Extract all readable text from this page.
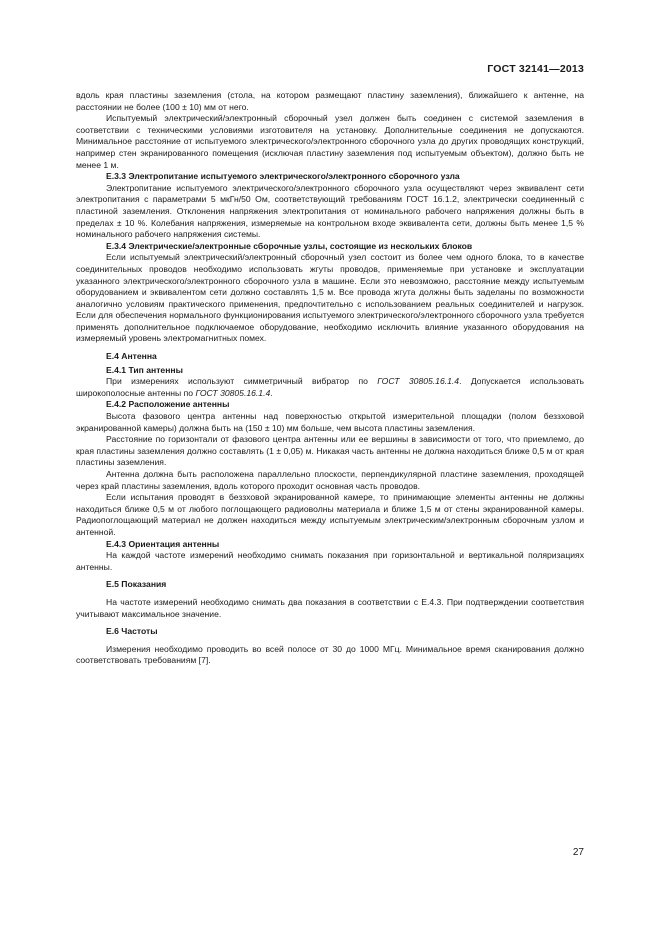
ГОСТ 32141—2013

вдоль края пластины заземления (стола, на котором размещают пластину заземления), ближайшего к антенне, на расстоянии не более (100 ± 10) мм от него.

Испытуемый электрический/электронный сборочный узел должен быть соединен с системой заземления в соответствии с техническими условиями изготовителя на установку. Дополнительные соединения не допускаются. Минимальное расстояние от испытуемого электрического/электронного сборочного узла до других проводящих конструкций, например стен экранированного помещения (исключая пластину заземления под испытуемым объектом), должно быть не менее 1 м.

Е.3.3 Электропитание испытуемого электрического/электронного сборочного узла

Электропитание испытуемого электрического/электронного сборочного узла осуществляют через эквивалент сети электропитания с параметрами 5 мкГн/50 Ом, соответствующий требованиям ГОСТ 16.1.2, электрически соединенный с пластиной заземления. Отклонения напряжения электропитания от номинального рабочего напряжения должны быть в пределах ± 10 %. Колебания напряжения, измеряемые на контрольном входе эквивалента сети, должны быть менее 1,5 % номинального рабочего напряжения системы.

Е.3.4 Электрические/электронные сборочные узлы, состоящие из нескольких блоков

Если испытуемый электрический/электронный сборочный узел состоит из более чем одного блока, то в качестве соединительных проводов необходимо использовать жгуты проводов, применяемые при установке и эксплуатации указанного электрического/электронного сборочного узла в машине. Если это невозможно, расстояние между испытуемым оборудованием и эквивалентом сети должно составлять 1,5 м. Все провода жгута должны быть заделаны по возможности аналогично условиям практического применения, предпочтительно с использованием реальных соединителей и нагрузок. Если для обеспечения нормального функционирования испытуемого электрического/электронного сборочного узла требуется применять дополнительное подключаемое оборудование, необходимо исключить влияние указанного оборудования на измеряемый уровень электромагнитных помех.

Е.4 Антенна
Е.4.1 Тип антенны

При измерениях используют симметричный вибратор по ГОСТ 30805.16.1.4. Допускается использовать широкополосные антенны по ГОСТ 30805.16.1.4.

Е.4.2 Расположение антенны

Высота фазового центра антенны над поверхностью открытой измерительной площадки (полом беззховой экранированной камеры) должна быть на (150 ± 10) мм больше, чем высота пластины заземления.

Расстояние по горизонтали от фазового центра антенны или ее вершины в зависимости от того, что приемлемо, до края пластины заземления должно составлять (1 ± 0,05) м. Никакая часть антенны не должна находиться ближе 0,5 м от края пластины заземления.

Антенна должна быть расположена параллельно плоскости, перпендикулярной пластине заземления, проходящей через край пластины заземления, вдоль которого проходит основная часть проводов.

Если испытания проводят в беззховой экранированной камере, то принимающие элементы антенны не должны находиться ближе 0,5 м от любого поглощающего радиоволны материала и ближе 1,5 м от стены экранированной камеры. Радиопоглощающий материал не должен находиться между испытуемым электрическим/электронным сборочным узлом и антенной.

Е.4.3 Ориентация антенны

На каждой частоте измерений необходимо снимать показания при горизонтальной и вертикальной поляризациях антенны.

Е.5 Показания

На частоте измерений необходимо снимать два показания в соответствии с Е.4.3. При подтверждении соответствия учитывают максимальное значение.

Е.6 Частоты

Измерения необходимо проводить во всей полосе от 30 до 1000 МГц. Минимальное время сканирования должно соответствовать требованиям [7].

27
